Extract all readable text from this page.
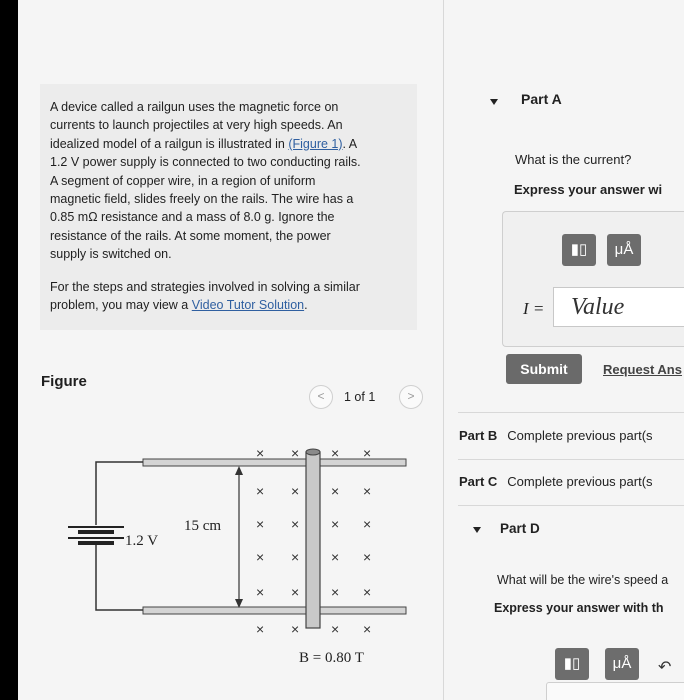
A device called a railgun uses the magnetic force on
currents to launch projectiles at very high speeds. An
idealized model of a railgun is illustrated in (Figure 1). A
1.2 V power supply is connected to two conducting rails.
A segment of copper wire, in a region of uniform
magnetic field, slides freely on the rails. The wire has a
0.85 mΩ resistance and a mass of 8.0 g. Ignore the
resistance of the rails. At some moment, the power
supply is switched on.

For the steps and strategies involved in solving a similar
problem, you may view a Video Tutor Solution.

Figure
<	1 of 1	>
1.2 V
15 cm
× × × ×
× × × ×
× × × ×
× × × ×
× × × ×
× × × ×
B = 0.80 T
Part A
What is the current?
Express your answer wi
▮▯	μÅ
I =	Value
Submit	Request Ans
Part B Complete previous part(s
Part C Complete previous part(s
Part D
What will be the wire's speed a
Express your answer with th
▮▯	μÅ	↶
